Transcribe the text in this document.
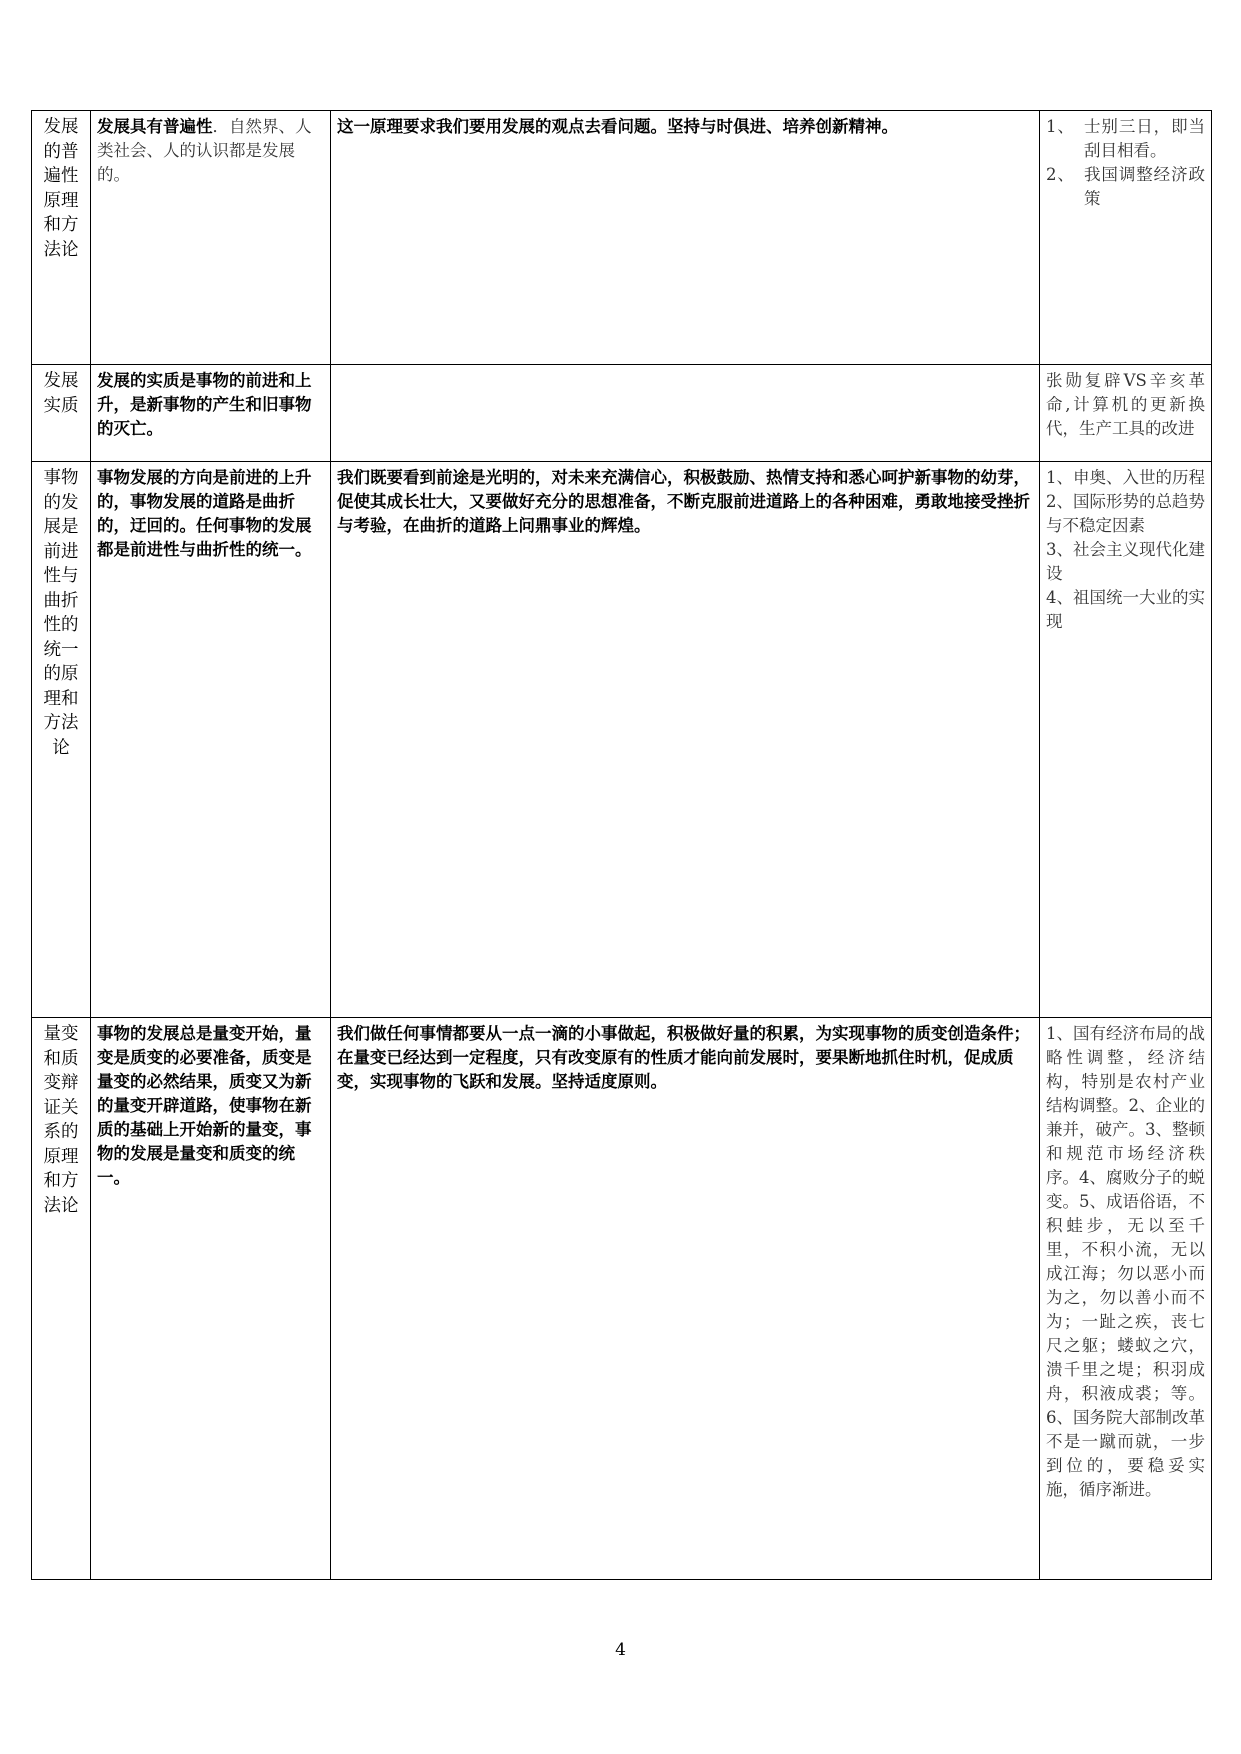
发展的普遍性原理和方法论	发展具有普遍性．自然界、人类社会、人的认识都是发展的。	这一原理要求我们要用发展的观点去看问题。坚持与时俱进、培养创新精神。	1、　士别三日，即当刮目相看。
2、　我国调整经济政策

发展实质	发展的实质是事物的前进和上升，是新事物的产生和旧事物的灭亡。		张勋复辟VS辛亥革命,计算机的更新换代，生产工具的改进

事物的发展是前进性与曲折性的统一的原理和方法论	事物发展的方向是前进的上升的，事物发展的道路是曲折的，迂回的。任何事物的发展都是前进性与曲折性的统一。	我们既要看到前途是光明的，对未来充满信心，积极鼓励、热情支持和悉心呵护新事物的幼芽，促使其成长壮大，又要做好充分的思想准备，不断克服前进道路上的各种困难，勇敢地接受挫折与考验，在曲折的道路上问鼎事业的辉煌。	1、申奥、入世的历程
2、国际形势的总趋势与不稳定因素
3、社会主义现代化建设
4、祖国统一大业的实现

量变和质变辩证关系的原理和方法论	事物的发展总是量变开始，量变是质变的必要准备，质变是量变的必然结果，质变又为新的量变开辟道路，使事物在新质的基础上开始新的量变，事物的发展是量变和质变的统一。	我们做任何事情都要从一点一滴的小事做起，积极做好量的积累，为实现事物的质变创造条件；在量变已经达到一定程度，只有改变原有的性质才能向前发展时，要果断地抓住时机，促成质变，实现事物的飞跃和发展。坚持适度原则。	1、国有经济布局的战略性调整，经济结构，特别是农村产业结构调整。2、企业的兼并，破产。3、整顿和规范市场经济秩序。4、腐败分子的蜕变。5、成语俗语，不积蛙步，无以至千里，不积小流，无以成江海；勿以恶小而为之，勿以善小而不为；一趾之疾，丧七尺之躯；蝼蚁之穴，溃千里之堤；积羽成舟，积液成裘；等。6、国务院大部制改革不是一蹴而就，一步到位的，要稳妥实施，循序渐进。
4
